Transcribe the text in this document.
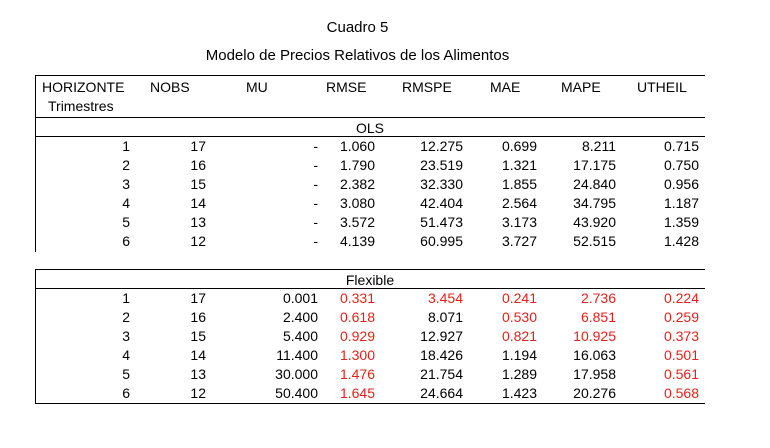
Cuadro 5
Modelo de Precios Relativos de los Alimentos
HORIZONTE NOBS	MU	RMSE	RMSPE	MAE	MAPE	UTHEIL
Trimestres
OLS
1	17	-	1.060	12.275	0.699	8.211	0.715
2	16	-	1.790	23.519	1.321	17.175	0.750
3	15	-	2.382	32.330	1.855	24.840	0.956
4	14	-	3.080	42.404	2.564	34.795	1.187
5	13	-	3.572	51.473	3.173	43.920	1.359
6	12	-	4.139	60.995	3.727	52.515	1.428
Flexible
1	17	0.001	0.331	3.454	0.241	2.736	0.224
2	16	2.400	0.618	8.071	0.530	6.851	0.259
3	15	5.400	0.929	12.927	0.821	10.925	0.373
4	14	11.400	1.300	18.426	1.194	16.063	0.501
5	13	30.000	1.476	21.754	1.289	17.958	0.561
6	12	50.400	1.645	24.664	1.423	20.276	0.568
